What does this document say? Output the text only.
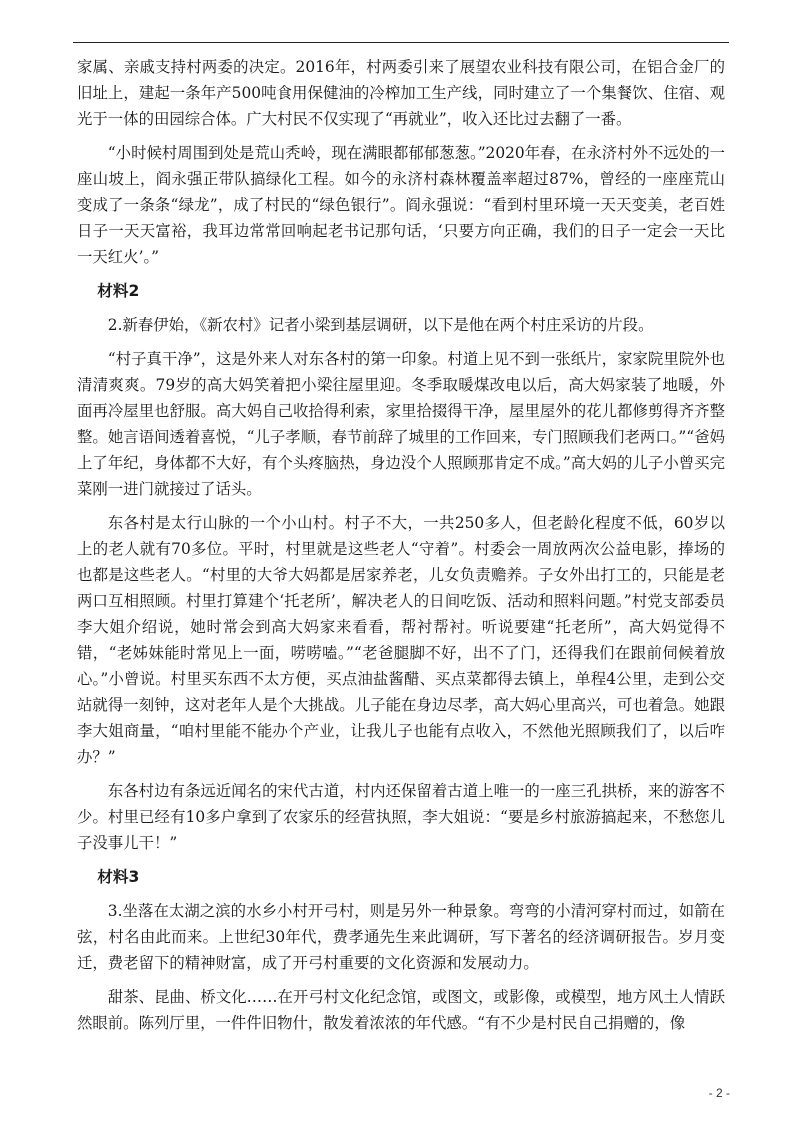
家属、亲戚支持村两委的决定。2016年，村两委引来了展望农业科技有限公司，在铝合金厂的旧址上，建起一条年产500吨食用保健油的冷榨加工生产线，同时建立了一个集餐饮、住宿、观光于一体的田园综合体。广大村民不仅实现了“再就业”，收入还比过去翻了一番。

“小时候村周围到处是荒山秃岭，现在满眼都郁郁葱葱。”2020年春，在永济村外不远处的一座山坡上，阎永强正带队搞绿化工程。如今的永济村森林覆盖率超过87%，曾经的一座座荒山变成了一条条“绿龙”，成了村民的“绿色银行”。阎永强说：“看到村里环境一天天变美，老百姓日子一天天富裕，我耳边常常回响起老书记那句话，‘只要方向正确，我们的日子一定会一天比一天红火’。”

材料2

2.新春伊始，《新农村》记者小梁到基层调研，以下是他在两个村庄采访的片段。

“村子真干净”，这是外来人对东各村的第一印象。村道上见不到一张纸片，家家院里院外也清清爽爽。79岁的高大妈笑着把小梁往屋里迎。冬季取暖煤改电以后，高大妈家装了地暖，外面再冷屋里也舒服。高大妈自己收拾得利索，家里拾掇得干净，屋里屋外的花儿都修剪得齐齐整整。她言语间透着喜悦，“儿子孝顺，春节前辞了城里的工作回来，专门照顾我们老两口。”“爸妈上了年纪，身体都不大好，有个头疼脑热，身边没个人照顾那肯定不成。”高大妈的儿子小曾买完菜刚一进门就接过了话头。

东各村是太行山脉的一个小山村。村子不大，一共250多人，但老龄化程度不低，60岁以上的老人就有70多位。平时，村里就是这些老人“守着”。村委会一周放两次公益电影，捧场的也都是这些老人。“村里的大爷大妈都是居家养老，儿女负责赡养。子女外出打工的，只能是老两口互相照顾。村里打算建个‘托老所’，解决老人的日间吃饭、活动和照料问题。”村党支部委员李大姐介绍说，她时常会到高大妈家来看看，帮衬帮衬。听说要建“托老所”，高大妈觉得不错，“老姊妹能时常见上一面，唠唠嗑。”“老爸腿脚不好，出不了门，还得我们在跟前伺候着放心。”小曾说。村里买东西不太方便，买点油盐酱醋、买点菜都得去镇上，单程4公里，走到公交站就得一刻钟，这对老年人是个大挑战。儿子能在身边尽孝，高大妈心里高兴，可也着急。她跟李大姐商量，“咱村里能不能办个产业，让我儿子也能有点收入，不然他光照顾我们了，以后咋办？”

东各村边有条远近闻名的宋代古道，村内还保留着古道上唯一的一座三孔拱桥，来的游客不少。村里已经有10多户拿到了农家乐的经营执照，李大姐说：“要是乡村旅游搞起来，不愁您儿子没事儿干！”

材料3

3.坐落在太湖之滨的水乡小村开弓村，则是另外一种景象。弯弯的小清河穿村而过，如箭在弦，村名由此而来。上世纪30年代，费孝通先生来此调研，写下著名的经济调研报告。岁月变迁，费老留下的精神财富，成了开弓村重要的文化资源和发展动力。

甜茶、昆曲、桥文化……在开弓村文化纪念馆，或图文，或影像，或模型，地方风土人情跃然眼前。陈列厅里，一件件旧物什，散发着浓浓的年代感。“有不少是村民自己捐赠的，像

- 2 -
